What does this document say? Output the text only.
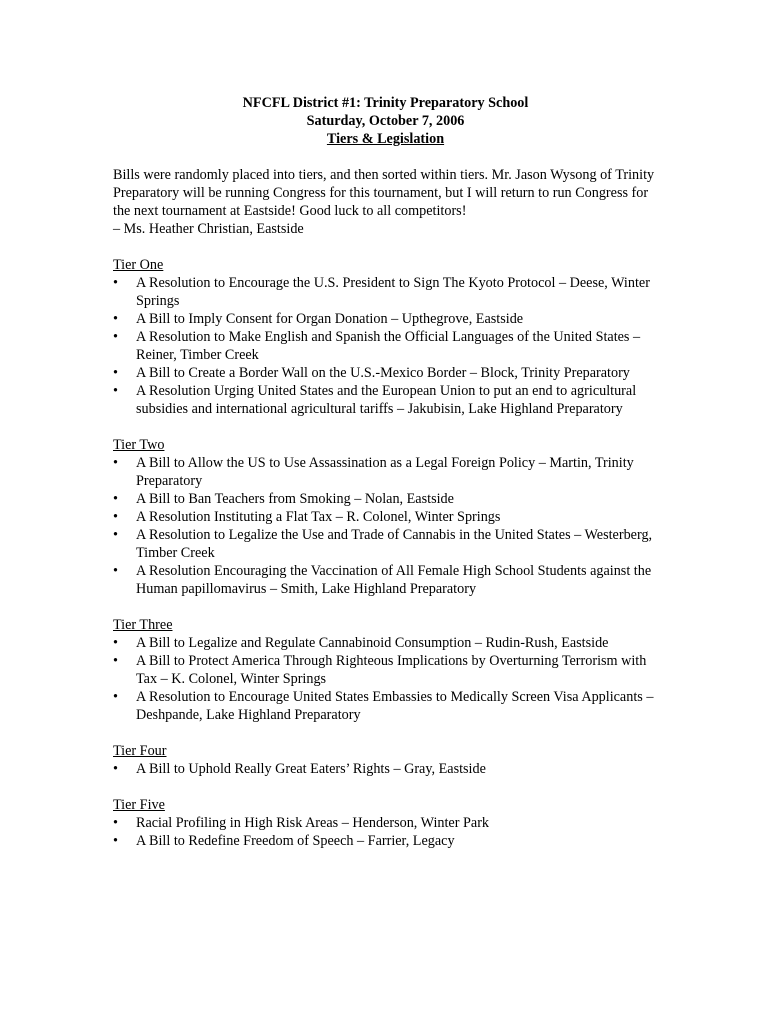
NFCFL District #1: Trinity Preparatory School
Saturday, October 7, 2006
Tiers & Legislation

Bills were randomly placed into tiers, and then sorted within tiers. Mr. Jason Wysong of Trinity Preparatory will be running Congress for this tournament, but I will return to run Congress for the next tournament at Eastside! Good luck to all competitors!

– Ms. Heather Christian, Eastside

Tier One
•	A Resolution to Encourage the U.S. President to Sign The Kyoto Protocol – Deese, Winter Springs
•	A Bill to Imply Consent for Organ Donation – Upthegrove, Eastside
•	A Resolution to Make English and Spanish the Official Languages of the United States – Reiner, Timber Creek
•	A Bill to Create a Border Wall on the U.S.-Mexico Border – Block, Trinity Preparatory
•	A Resolution Urging United States and the European Union to put an end to agricultural subsidies and international agricultural tariffs – Jakubisin, Lake Highland Preparatory
Tier Two
•	A Bill to Allow the US to Use Assassination as a Legal Foreign Policy – Martin, Trinity Preparatory
•	A Bill to Ban Teachers from Smoking – Nolan, Eastside
•	A Resolution Instituting a Flat Tax – R. Colonel, Winter Springs
•	A Resolution to Legalize the Use and Trade of Cannabis in the United States – Westerberg, Timber Creek
•	A Resolution Encouraging the Vaccination of All Female High School Students against the Human papillomavirus – Smith, Lake Highland Preparatory
Tier Three
•	A Bill to Legalize and Regulate Cannabinoid Consumption – Rudin-Rush, Eastside
•	A Bill to Protect America Through Righteous Implications by Overturning Terrorism with Tax – K. Colonel, Winter Springs
•	A Resolution to Encourage United States Embassies to Medically Screen Visa Applicants – Deshpande, Lake Highland Preparatory
Tier Four
•	A Bill to Uphold Really Great Eaters’ Rights – Gray, Eastside
Tier Five
•	Racial Profiling in High Risk Areas – Henderson, Winter Park
•	A Bill to Redefine Freedom of Speech – Farrier, Legacy
